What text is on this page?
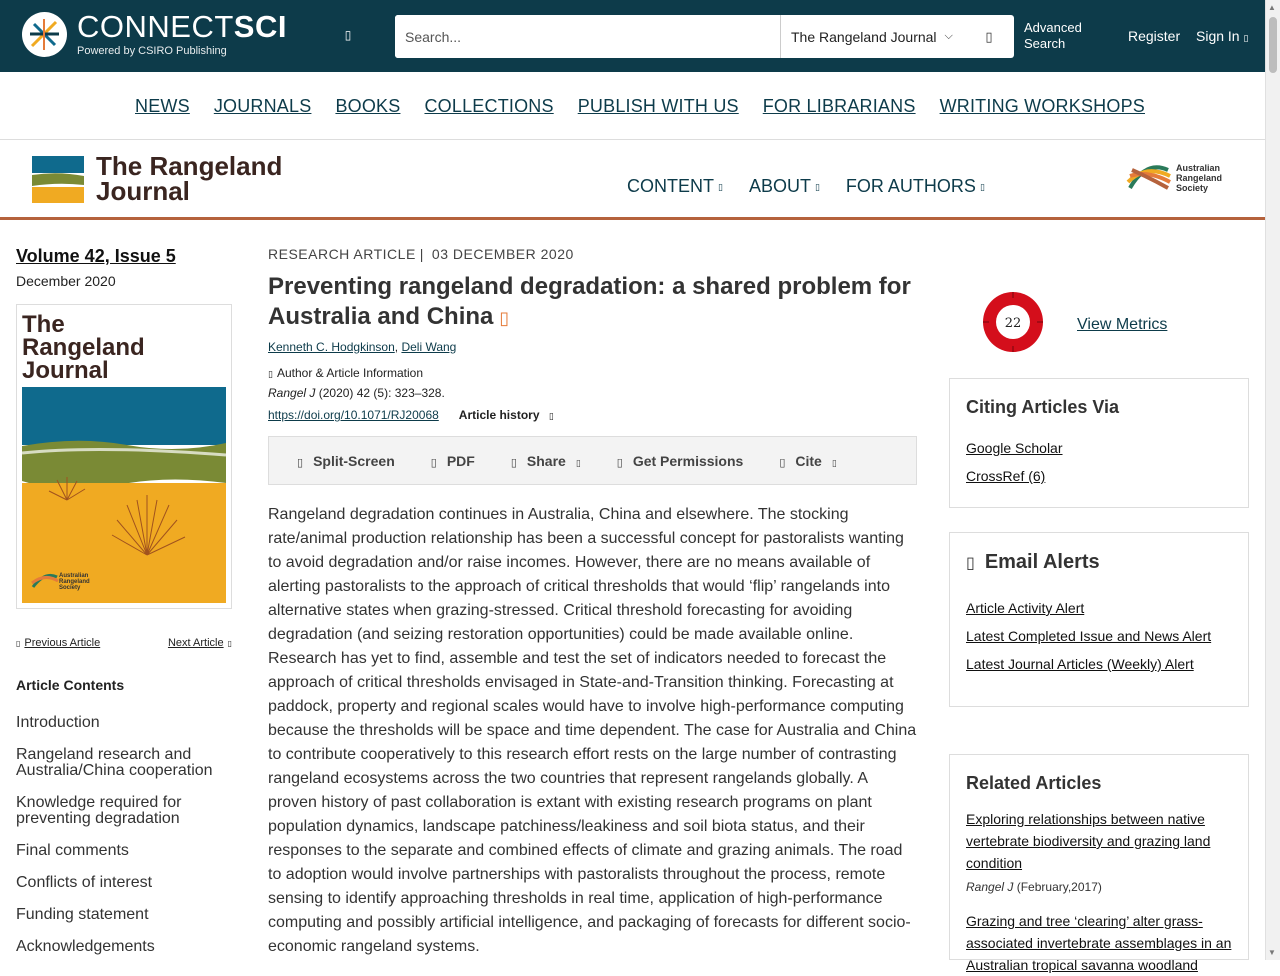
CONNECTSCI
Powered by CSIRO Publishing
▯
Search...	The Rangeland Journal ⌵	▯
Advanced Search	Register Sign In ▯
▲
▼
NEWS JOURNALS BOOKS COLLECTIONS PUBLISH WITH US FOR LIBRARIANS WRITING WORKSHOPS
The Rangeland
Journal	CONTENT ▯ ABOUT ▯ FOR AUTHORS ▯
Australian
Rangeland
Society
Volume 42, Issue 5
December 2020
The
Rangeland
Journal
Australian
Rangeland
Society
▯ Previous Article	Next Article ▯
Article Contents
Introduction
Rangeland research and Australia/China cooperation
Knowledge required for preventing degradation
Final comments
Conflicts of interest
Funding statement
Acknowledgements
RESEARCH ARTICLE | 03 DECEMBER 2020
Preventing rangeland degradation: a shared problem for Australia and China ▯
Kenneth C. Hodgkinson, Deli Wang
▯ Author & Article Information
Rangel J (2020) 42 (5): 323–328.
https://doi.org/10.1071/RJ20068 Article history ▯
▯ Split-Screen	▯ PDF	▯ Share ▯	▯ Get Permissions	▯ Cite ▯

Rangeland degradation continues in Australia, China and elsewhere. The stocking rate/animal production relationship has been a successful concept for pastoralists wanting to avoid degradation and/or raise incomes. However, there are no means available of alerting pastoralists to the approach of critical thresholds that would ‘flip’ rangelands into alternative states when grazing-stressed. Critical threshold forecasting for avoiding degradation (and seizing restoration opportunities) could be made available online. Research has yet to find, assemble and test the set of indicators needed to forecast the approach of critical thresholds envisaged in State-and-Transition thinking. Forecasting at paddock, property and regional scales would have to involve high-performance computing because the thresholds will be space and time dependent. The case for Australia and China to contribute cooperatively to this research effort rests on the large number of contrasting rangeland ecosystems across the two countries that represent rangelands globally. A proven history of past collaboration is extant with existing research programs on plant population dynamics, landscape patchiness/leakiness and soil biota status, and their responses to the separate and combined effects of climate and grazing animals. The road to adoption would involve partnerships with pastoralists throughout the process, remote sensing to identify approaching thresholds in real time, application of high-performance computing and possibly artificial intelligence, and packaging of forecasts for different socio-economic rangeland systems.

22	View Metrics
Citing Articles Via
Google Scholar
CrossRef (6)
▯ Email Alerts
Article Activity Alert
Latest Completed Issue and News Alert
Latest Journal Articles (Weekly) Alert
Related Articles
Exploring relationships between native vertebrate biodiversity and grazing land condition
Rangel J (February,2017)
Grazing and tree ‘clearing’ alter grass-associated invertebrate assemblages in an Australian tropical savanna woodland
